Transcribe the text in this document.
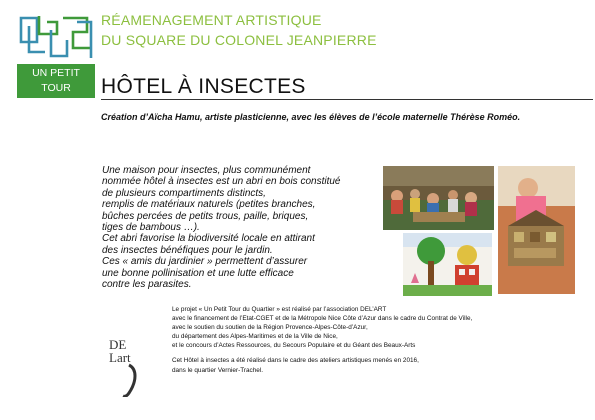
UN PETIT TOUR
DU QUARTIER
RÉAMENAGEMENT ARTISTIQUE
DU SQUARE DU COLONEL JEANPIERRE
HÔTEL À INSECTES
Création d’Aïcha Hamu, artiste plasticienne, avec les élèves de l’école maternelle Thérèse Roméo.
Une maison pour insectes, plus communément
nommée hôtel à insectes est un abri en bois constitué
de plusieurs compartiments distincts,
remplis de matériaux naturels (petites branches,
bûches percées de petits trous, paille, briques,
tiges de bambous …).
Cet abri favorise la biodiversité locale en attirant
des insectes bénéfiques pour le jardin.
Ces « amis du jardinier » permettent d’assurer
une bonne pollinisation et une lutte efficace
contre les parasites.
Le projet « Un Petit Tour du Quartier » est réalisé par l’association DEL’ART
avec le financement de l’Etat-CGET et de la Métropole Nice Côte d’Azur dans le cadre du Contrat de Ville,
avec le soutien du soutien de la Région Provence-Alpes-Côte-d’Azur,
du département des Alpes-Maritimes et de la Ville de Nice,
et le concours d’Actes Ressources, du Secours Populaire et du Géant des Beaux-Arts
Cet Hôtel à insectes a été réalisé dans le cadre des ateliers artistiques menés en 2016,
dans le quartier Vernier-Trachel.
DE
Lart
